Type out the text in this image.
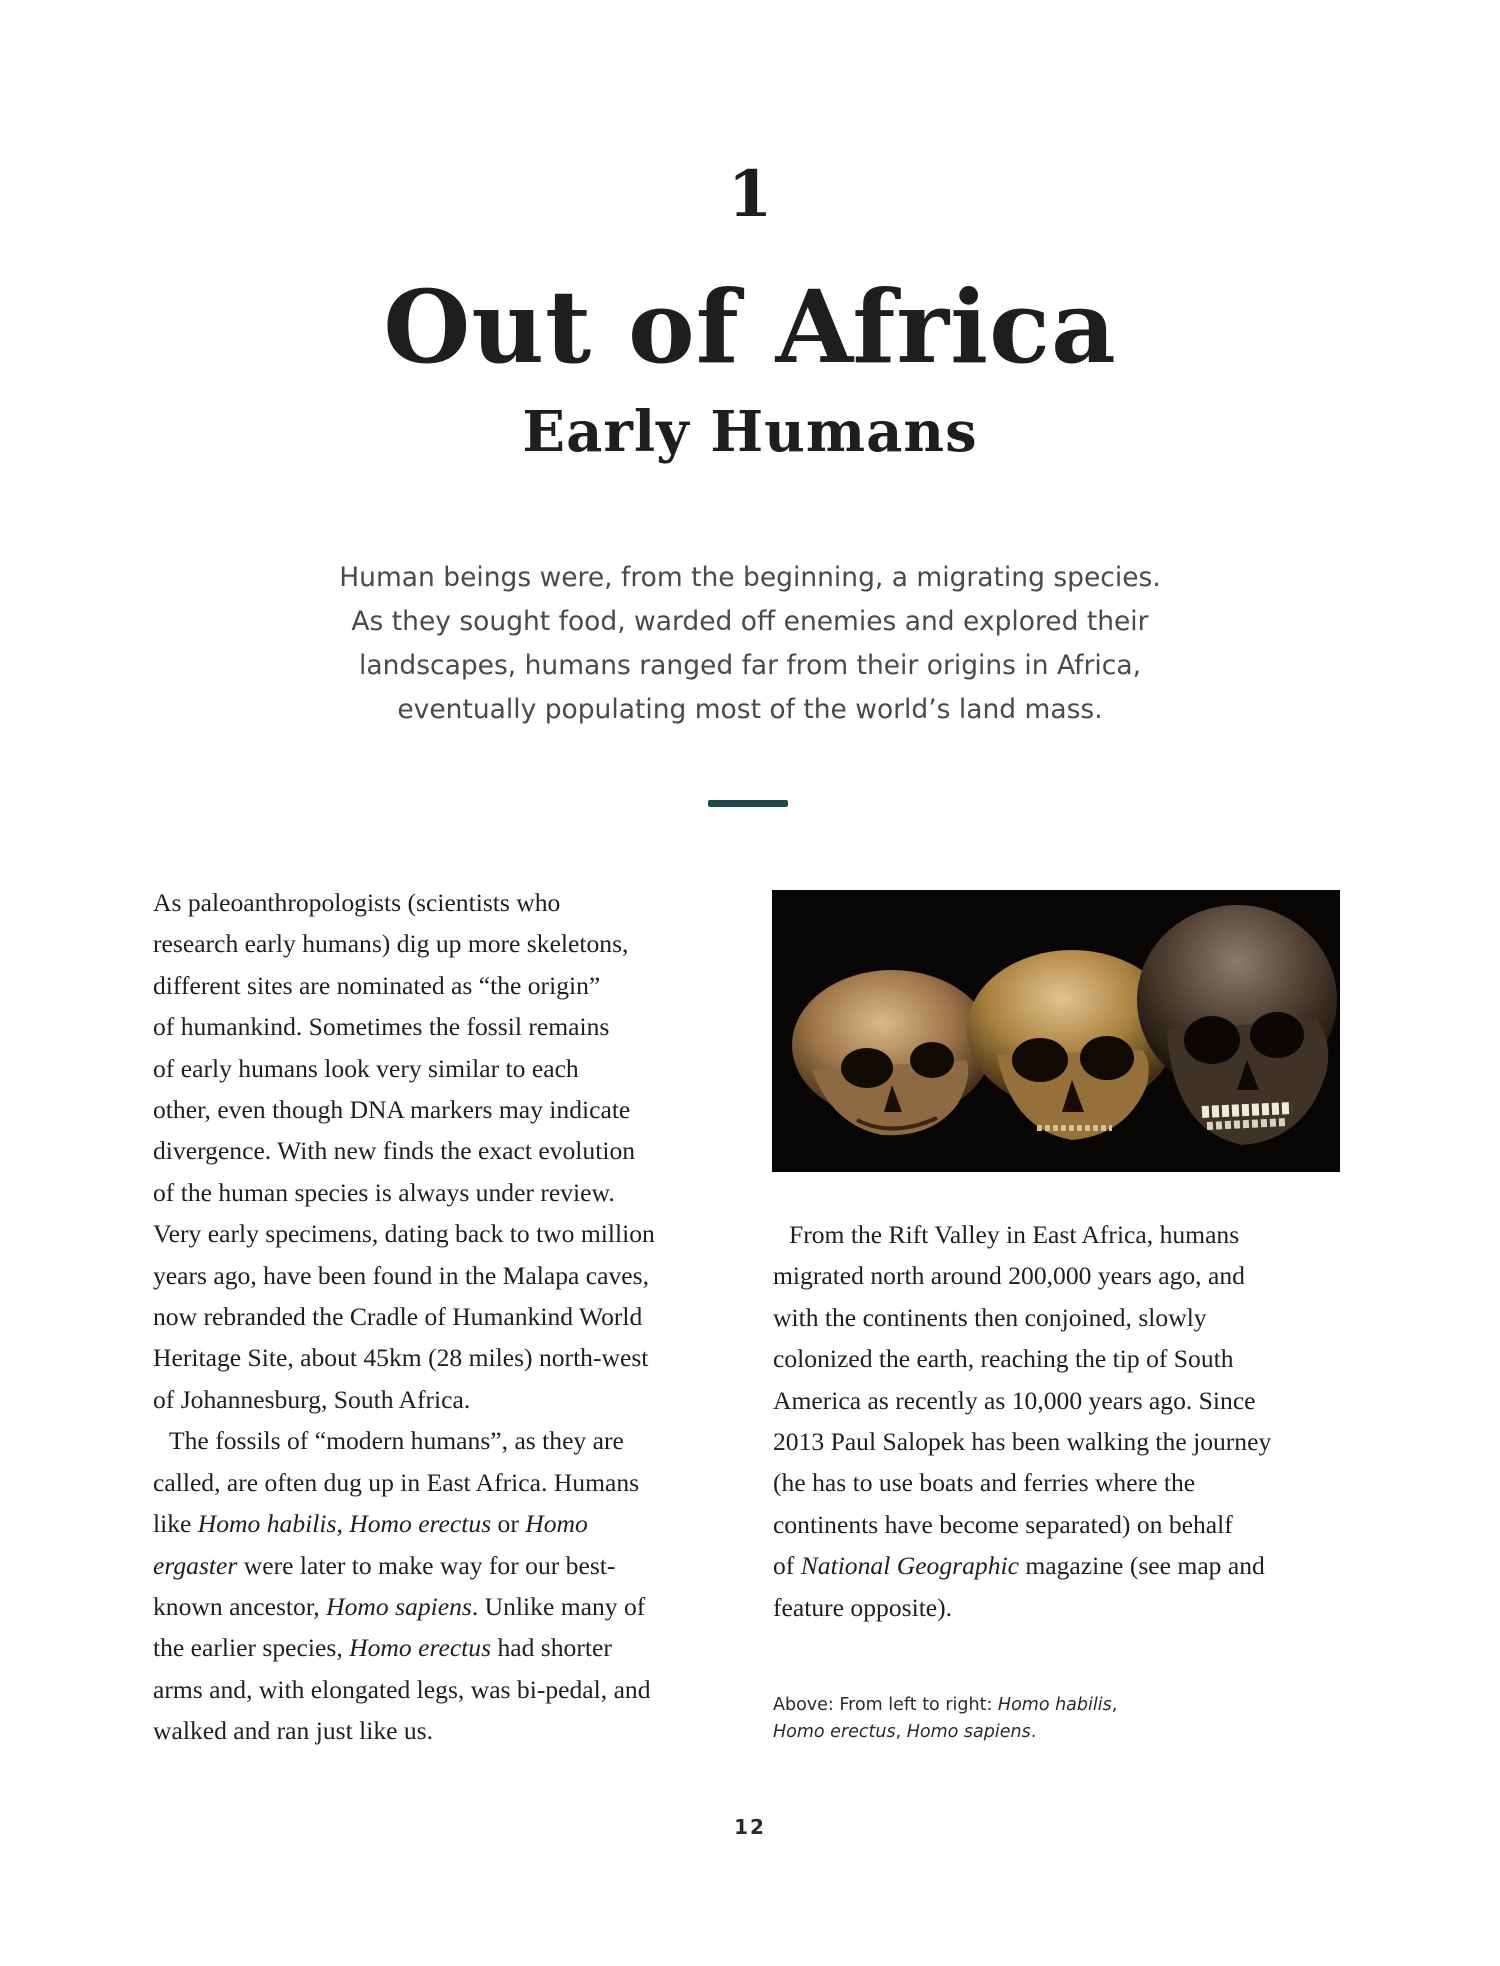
1
Out of Africa
Early Humans
Human beings were, from the beginning, a migrating species.
As they sought food, warded off enemies and explored their
landscapes, humans ranged far from their origins in Africa,
eventually populating most of the world’s land mass.
As paleoanthropologists (scientists who
research early humans) dig up more skeletons,
different sites are nominated as “the origin”
of humankind. Sometimes the fossil remains
of early humans look very similar to each
other, even though DNA markers may indicate
divergence. With new finds the exact evolution
of the human species is always under review.
Very early specimens, dating back to two million
years ago, have been found in the Malapa caves,
now rebranded the Cradle of Humankind World
Heritage Site, about 45km (28 miles) north-west
of Johannesburg, South Africa.
The fossils of “modern humans”, as they are
called, are often dug up in East Africa. Humans
like Homo habilis, Homo erectus or Homo
ergaster were later to make way for our best-
known ancestor, Homo sapiens. Unlike many of
the earlier species, Homo erectus had shorter
arms and, with elongated legs, was bi-pedal, and
walked and ran just like us.
From the Rift Valley in East Africa, humans
migrated north around 200,000 years ago, and
with the continents then conjoined, slowly
colonized the earth, reaching the tip of South
America as recently as 10,000 years ago. Since
2013 Paul Salopek has been walking the journey
(he has to use boats and ferries where the
continents have become separated) on behalf
of National Geographic magazine (see map and
feature opposite).
Above: From left to right: Homo habilis,
Homo erectus, Homo sapiens.
12
